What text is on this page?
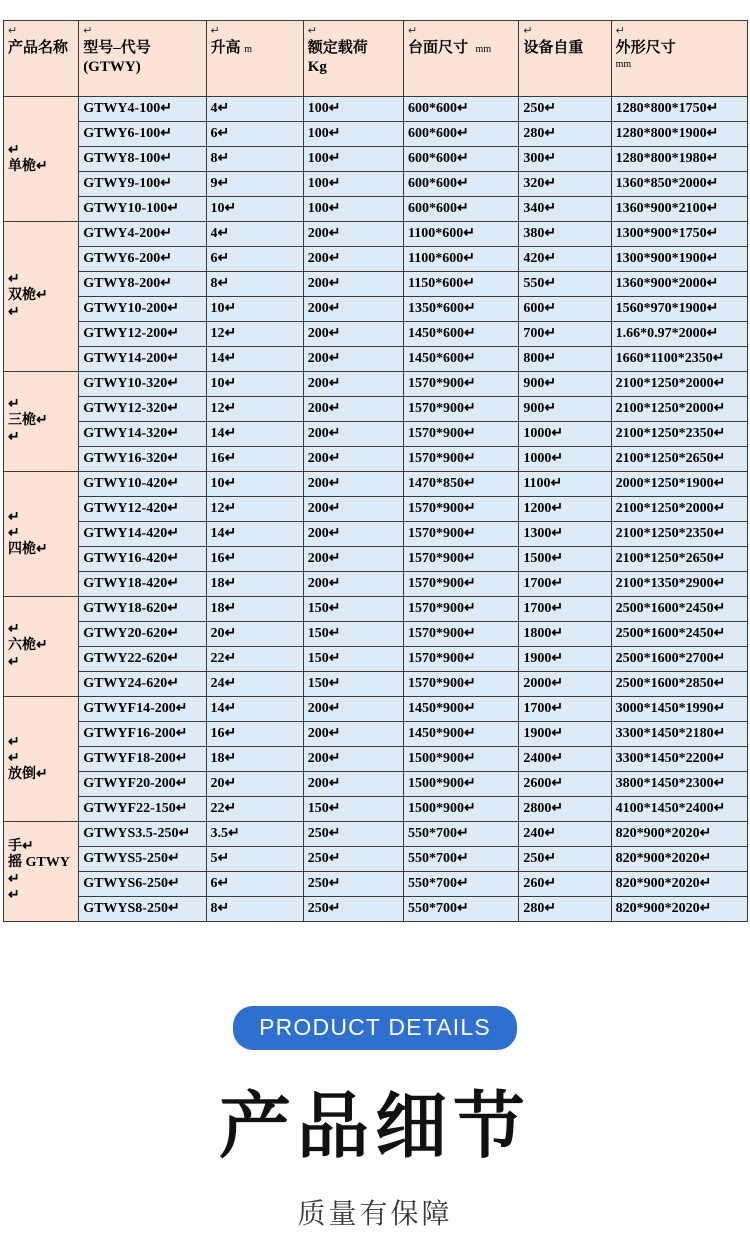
↵
产品名称	↵
型号–代号
(GTWY)	↵
升高 m	↵
额定载荷
Kg	↵
台面尺寸 mm	↵
设备自重	↵
外形尺寸
mm

↵
单桅↵	GTWY4-100↵	4↵	100↵	600*600↵	250↵	1280*800*1750↵
	GTWY6-100↵	6↵	100↵	600*600↵	280↵	1280*800*1900↵
	GTWY8-100↵	8↵	100↵	600*600↵	300↵	1280*800*1980↵
	GTWY9-100↵	9↵	100↵	600*600↵	320↵	1360*850*2000↵
	GTWY10-100↵	10↵	100↵	600*600↵	340↵	1360*900*2100↵

↵
双桅↵
↵	GTWY4-200↵	4↵	200↵	1100*600↵	380↵	1300*900*1750↵
	GTWY6-200↵	6↵	200↵	1100*600↵	420↵	1300*900*1900↵
	GTWY8-200↵	8↵	200↵	1150*600↵	550↵	1360*900*2000↵
	GTWY10-200↵	10↵	200↵	1350*600↵	600↵	1560*970*1900↵
	GTWY12-200↵	12↵	200↵	1450*600↵	700↵	1.66*0.97*2000↵
	GTWY14-200↵	14↵	200↵	1450*600↵	800↵	1660*1100*2350↵

↵
三桅↵
↵	GTWY10-320↵	10↵	200↵	1570*900↵	900↵	2100*1250*2000↵
	GTWY12-320↵	12↵	200↵	1570*900↵	900↵	2100*1250*2000↵
	GTWY14-320↵	14↵	200↵	1570*900↵	1000↵	2100*1250*2350↵
	GTWY16-320↵	16↵	200↵	1570*900↵	1000↵	2100*1250*2650↵

↵
↵
四桅↵	GTWY10-420↵	10↵	200↵	1470*850↵	1100↵	2000*1250*1900↵
	GTWY12-420↵	12↵	200↵	1570*900↵	1200↵	2100*1250*2000↵
	GTWY14-420↵	14↵	200↵	1570*900↵	1300↵	2100*1250*2350↵
	GTWY16-420↵	16↵	200↵	1570*900↵	1500↵	2100*1250*2650↵
	GTWY18-420↵	18↵	200↵	1570*900↵	1700↵	2100*1350*2900↵

↵
六桅↵
↵	GTWY18-620↵	18↵	150↵	1570*900↵	1700↵	2500*1600*2450↵
	GTWY20-620↵	20↵	150↵	1570*900↵	1800↵	2500*1600*2450↵
	GTWY22-620↵	22↵	150↵	1570*900↵	1900↵	2500*1600*2700↵
	GTWY24-620↵	24↵	150↵	1570*900↵	2000↵	2500*1600*2850↵

↵
↵
放倒↵	GTWYF14-200↵	14↵	200↵	1450*900↵	1700↵	3000*1450*1990↵
	GTWYF16-200↵	16↵	200↵	1450*900↵	1900↵	3300*1450*2180↵
	GTWYF18-200↵	18↵	200↵	1500*900↵	2400↵	3300*1450*2200↵
	GTWYF20-200↵	20↵	200↵	1500*900↵	2600↵	3800*1450*2300↵
	GTWYF22-150↵	22↵	150↵	1500*900↵	2800↵	4100*1450*2400↵

手↵
摇 GTWY
↵
↵	GTWYS3.5-250↵	3.5↵	250↵	550*700↵	240↵	820*900*2020↵
	GTWYS5-250↵	5↵	250↵	550*700↵	250↵	820*900*2020↵
	GTWYS6-250↵	6↵	250↵	550*700↵	260↵	820*900*2020↵
	GTWYS8-250↵	8↵	250↵	550*700↵	280↵	820*900*2020↵
PRODUCT DETAILS
产品细节
质量有保障
